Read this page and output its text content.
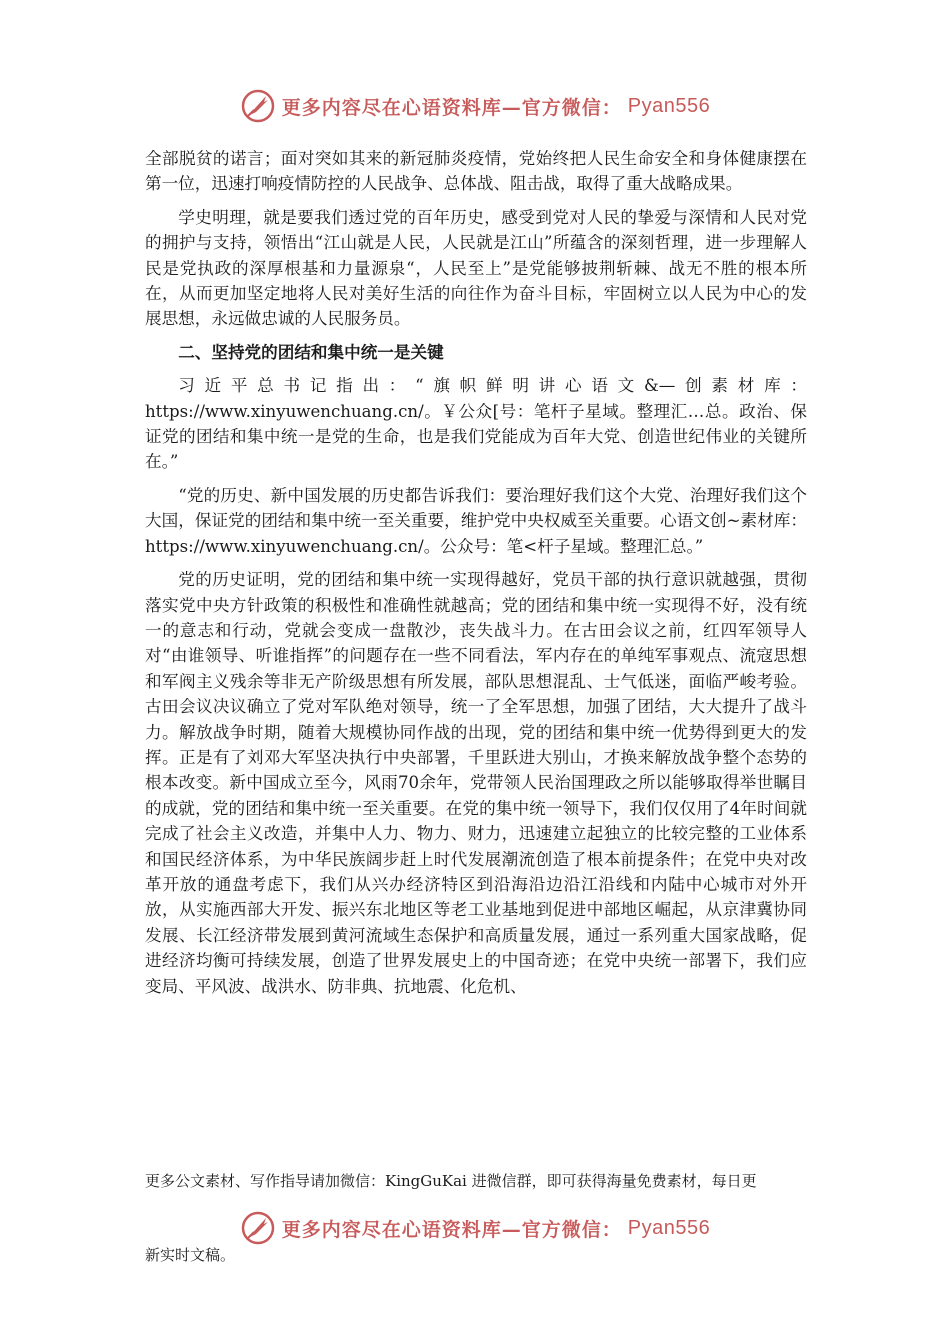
更多内容尽在心语资料库—官方微信： Pyan556

全部脱贫的诺言；面对突如其来的新冠肺炎疫情，党始终把人民生命安全和身体健康摆在第一位，迅速打响疫情防控的人民战争、总体战、阻击战，取得了重大战略成果。

学史明理，就是要我们透过党的百年历史，感受到党对人民的挚爱与深情和人民对党的拥护与支持，领悟出“江山就是人民，人民就是江山”所蕴含的深刻哲理，进一步理解人民是党执政的深厚根基和力量源泉“，人民至上”是党能够披荆斩棘、战无不胜的根本所在，从而更加坚定地将人民对美好生活的向往作为奋斗目标，牢固树立以人民为中心的发展思想，永远做忠诚的人民服务员。

二、坚持党的团结和集中统一是关键

习近平总书记指出：“旗帜鲜明讲心语文&—创素材库：https://www.xinyuwenchuang.cn/。￥公众[号：笔杆子星域。整理汇…总。政治、保证党的团结和集中统一是党的生命，也是我们党能成为百年大党、创造世纪伟业的关键所在。”

“党的历史、新中国发展的历史都告诉我们：要治理好我们这个大党、治理好我们这个大国，保证党的团结和集中统一至关重要，维护党中央权威至关重要。心语文创~素材库：https://www.xinyuwenchuang.cn/。公众号：笔<杆子星域。整理汇总。”

党的历史证明，党的团结和集中统一实现得越好，党员干部的执行意识就越强，贯彻落实党中央方针政策的积极性和准确性就越高；党的团结和集中统一实现得不好，没有统一的意志和行动，党就会变成一盘散沙，丧失战斗力。在古田会议之前，红四军领导人对“由谁领导、听谁指挥”的问题存在一些不同看法，军内存在的单纯军事观点、流寇思想和军阀主义残余等非无产阶级思想有所发展，部队思想混乱、士气低迷，面临严峻考验。古田会议决议确立了党对军队绝对领导，统一了全军思想，加强了团结，大大提升了战斗力。解放战争时期，随着大规模协同作战的出现，党的团结和集中统一优势得到更大的发挥。正是有了刘邓大军坚决执行中央部署，千里跃进大别山，才换来解放战争整个态势的根本改变。新中国成立至今，风雨70余年，党带领人民治国理政之所以能够取得举世瞩目的成就，党的团结和集中统一至关重要。在党的集中统一领导下，我们仅仅用了4年时间就完成了社会主义改造，并集中人力、物力、财力，迅速建立起独立的比较完整的工业体系和国民经济体系，为中华民族阔步赶上时代发展潮流创造了根本前提条件；在党中央对改革开放的通盘考虑下，我们从兴办经济特区到沿海沿边沿江沿线和内陆中心城市对外开放，从实施西部大开发、振兴东北地区等老工业基地到促进中部地区崛起，从京津冀协同发展、长江经济带发展到黄河流域生态保护和高质量发展，通过一系列重大国家战略，促进经济均衡可持续发展，创造了世界发展史上的中国奇迹；在党中央统一部署下，我们应变局、平风波、战洪水、防非典、抗地震、化危机、

更多公文素材、写作指导请加微信：KingGuKai 进微信群，即可获得海量免费素材，每日更
更多内容尽在心语资料库—官方微信： Pyan556
新实时文稿。
